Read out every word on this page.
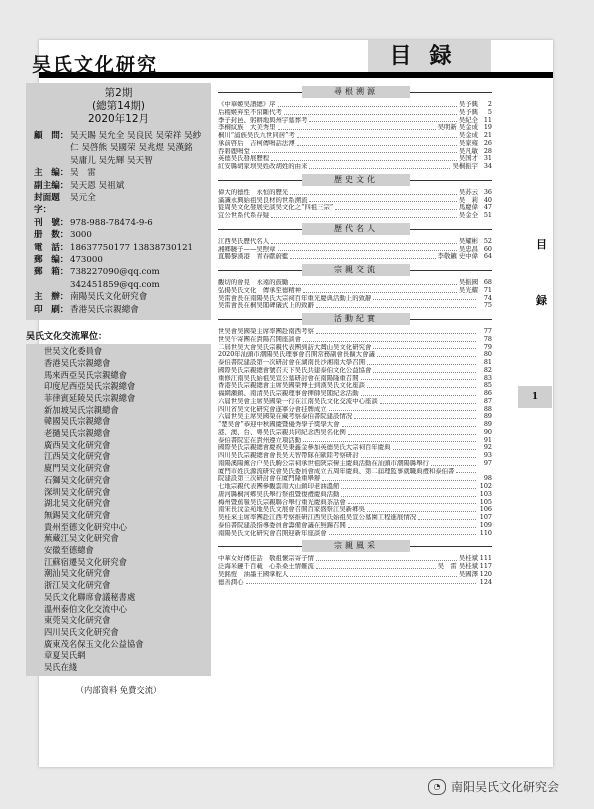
吴氏文化研究
第2期
(總第14期)
2020年12月
顧　問： 吴天賜 吴允全 吴良民 吴荣祥 吴紗仁 吴啓熊 吴國荣 吴兆煜 吴漢銘 吴庸儿 吴先輝 吴天智
主　编： 吴　雷
副主编： 吴天恩 吴祖斌
封面题字：
吴元全
刊　號： 978-988-78474-9-6
册　数： 3000
電　話： 18637750177 13838730121
郵　编： 473000
郵　箱： 738227090@qq.com 342451859@qq.com
主　辦： 南陽吴氏文化研究會
印　刷： 香港吴氏宗親總會
吴氏文化交流單位：
世吴文化委員會
香港吴氏宗親總會
馬來西亞吴氏宗親總會
印度尼西亞吴氏宗親總會
菲律賓延陵吴氏宗親總會
新加坡吴氏宗親總會
韓國吴氏宗親總會
老撾吴氏宗親總會
廣西吴文化研究會
江西吴文化研究會
廈門吴文化研究會
石獅吴文化研究會
深圳吴文化研究會
湖北吴文化研究會
無錫吴文化研究會
貴州至德文化研究中心
蕪藏江吴文化研究會
安徽至德總會
江蘇宿遷吴文化研究會
潮汕吴文化研究會
浙江吴文化研究會
吴氏文化聯席會議秘書處
溫州泰伯文化交流中心
東莞吴文化研究會
四川吴氏文化研究會
廣東茂名保玉文化公益協會
章夏吴氏網
吴氏在綫
（内部資料 免費交流）
目録
尋根溯源
《中華姬吴譜總》序	吴予興	2
后稷姬弃至不窋斷代考	吴予興	5
季子封邑、躬耕地與州宇墓葬考	吴紀全 11
李桐紋族　大美秀里	吴明新 吴金成 19
桐川“浦族吴氏九世同居”考	吴金成 21
承前啓后　吉柯傳鳴話法溥	吴家雍 26
吞碧鹿鳴堂	吴凡敏 28
英德吴氏發展歷程	吴国才 31
紅安縣胡家坝吴姓改胡姓的由来	吴桐振宇 34
歷史文化
偉大的德性　永恒的歷光	吴苏云 36
滿識永興始祖吴良材的世系溯流	吴　莉 40
從周吴文化發展史談吴文化之“四祖三宗”	馬慶偉 47
宜公世系代系存疑	吴金全 51
歷代名人
江西吴氏歷代名人	吴耀彬 52
湘鄉驍子——吴煦章	吴忠昌 60
直腸黎漢港　青春獻蔚藍	李敬鑣 史中偉 64
宗親交流
觀切的會見　永遠的鼓勵	吴振國 68
弘揚吴氏文化　傳承至德精神	吴光耀 71
吴雷會長在南陽吴氏大宗祠百年重光慶典活動上的致辭	74
吴雷會長在桐吴閣碑儀式上的致辭	75
活動紀實
世吴會吴國榮主席率團赴南西考察	77
世吴午寄團在貴陽召開座談會	78
二屆世吴大會吴氏宗親代表團到訪大灣山吴文化研究會	79
2020年汕頭市潮陽吴氏理事會召開常務副會長擴大會議	80
泰伯書院建設第一次研討會在湖南長沙湘南大學召開	81
國際吴氏宗親總會號召天下吴氏共建泰伯文化公益協會	82
重修江南吴氏始祖吴宣公墓研討會在南陽隆重召開	83
香港吴氏宗親總會主席吴國榮博士到漢吴氏文化座談	85
福網瀨鎮、南清吴氏宗親理事會揮師吴閣紀念活動	86
六届世吴會主席吴國榮一行在江南吴氏文化交流中心座談	87
四川省吴文化研究會遂寧分會挂牌成立	88
六届世吴主席吴國榮在藏考察泰伯書院建設情况	89
“楚吴會”恭迎中秋國慶暨優秀學子獎學大會	89
港、澳、台、粵吴氏宗親共同紀念西吴名化例	90
泰伯書院宏在貴州遵立項活動	91
國際吴氏宗親總會慶祝吴秉鑫金參加英德吴氏大宗祠百年慶典	92
四川吴氏宗親總會會長吴天智帶隊在歐陸考察研討	93
南陽溪陽薰合户吴氏駒公宗祠承世祖陝宗嚳主慶典活動在汕頭市潮陽縣舉行	97
廈門市姓氏源流研究會吴氏委員會成立五周年慶典、第二届理監事就職典禮和泰伯書
院建設第三次研討會在廈門隆重舉辦	98
七地宗親代表團參觀雲南大山鎮印老油溫館	102
唐河縣桐河鄉吴氏舉行祭祖暨復禮慶典活動	103
梅州暨蕉嶺吴氏宗親聯合舉行重光慶典茶話會	105
南宋長汶金苑地吴氏文展會召開百家盛祭江吴新鄉吳	106
吴桂來主席率團赴江西考察推研江西吴氏始祖吴宣公墓園工程進展情况	107
泰伯書院建設指導委員會籌備會議在無錫召開	109
南陽吴氏文化研究會召開迎新年座談會	110
宗親風采
中華女好傳佳話　敬祖懷宗寄子情	吴桂斌 111
泛海米鏈千百載　心系桑土情難流	吴　雷 吴桂斌 117
吴銘愷　油墨王國掌舵人	吴國澤 120
德善潤心	124
目
録
1
◔ 南阳吴氏文化研究会
